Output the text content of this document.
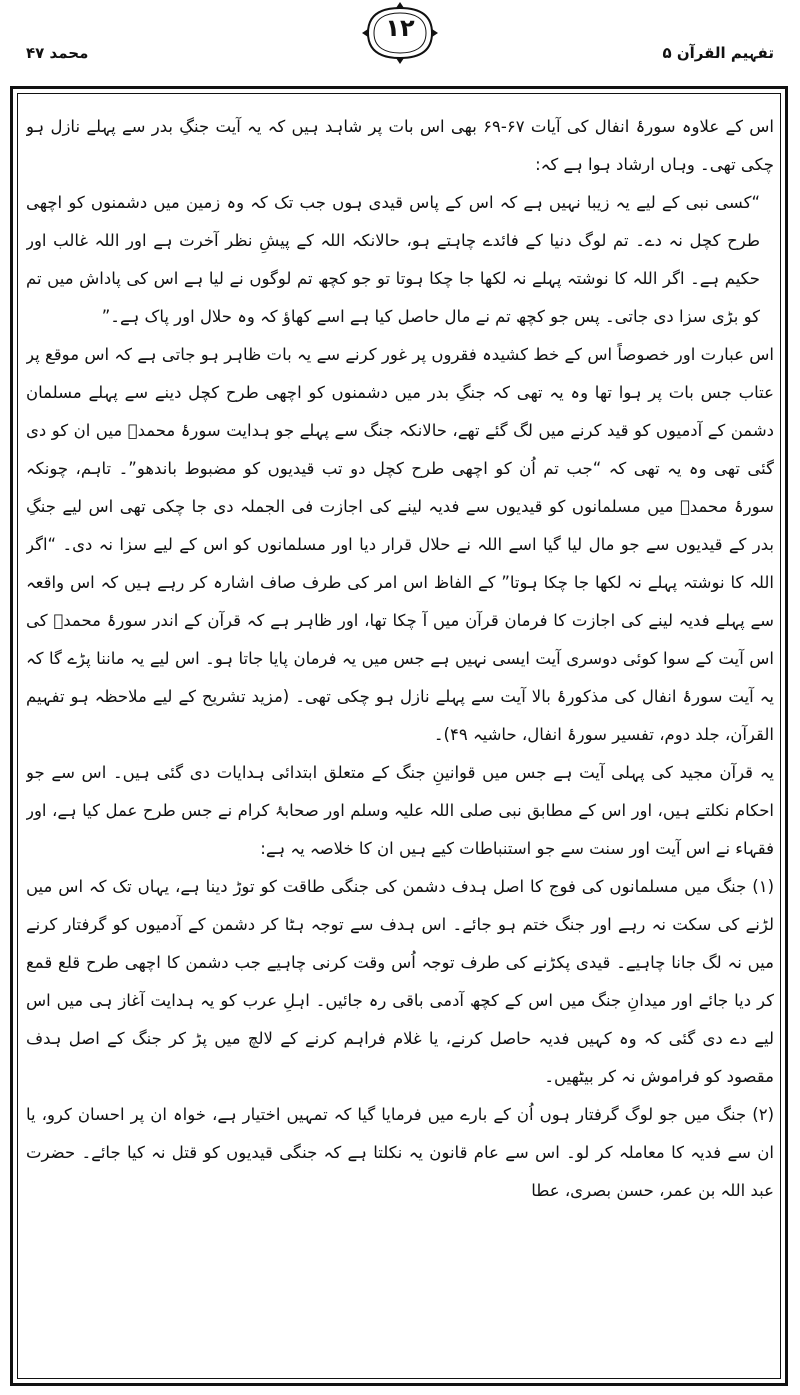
تفہیم القرآن ۵
۱۲
محمد ۴۷

اس کے علاوہ سورۂ انفال کی آیات ۶۷-۶۹ بھی اس بات پر شاہد ہیں کہ یہ آیت جنگِ بدر سے پہلے نازل ہو چکی تھی۔ وہاں ارشاد ہوا ہے کہ:

“کسی نبی کے لیے یہ زیبا نہیں ہے کہ اس کے پاس قیدی ہوں جب تک کہ وہ زمین میں دشمنوں کو اچھی طرح کچل نہ دے۔ تم لوگ دنیا کے فائدے چاہتے ہو، حالانکہ اللہ کے پیشِ نظر آخرت ہے اور اللہ غالب اور حکیم ہے۔ اگر اللہ کا نوشتہ پہلے نہ لکھا جا چکا ہوتا تو جو کچھ تم لوگوں نے لیا ہے اس کی پاداش میں تم کو بڑی سزا دی جاتی۔ پس جو کچھ تم نے مال حاصل کیا ہے اسے کھاؤ کہ وہ حلال اور پاک ہے۔”

اس عبارت اور خصوصاً اس کے خط کشیدہ فقروں پر غور کرنے سے یہ بات ظاہر ہو جاتی ہے کہ اس موقع پر عتاب جس بات پر ہوا تھا وہ یہ تھی کہ جنگِ بدر میں دشمنوں کو اچھی طرح کچل دینے سے پہلے مسلمان دشمن کے آدمیوں کو قید کرنے میں لگ گئے تھے، حالانکہ جنگ سے پہلے جو ہدایت سورۂ محمدؐ میں ان کو دی گئی تھی وہ یہ تھی کہ “جب تم اُن کو اچھی طرح کچل دو تب قیدیوں کو مضبوط باندھو”۔ تاہم، چونکہ سورۂ محمدؐ میں مسلمانوں کو قیدیوں سے فدیہ لینے کی اجازت فی الجملہ دی جا چکی تھی اس لیے جنگِ بدر کے قیدیوں سے جو مال لیا گیا اسے اللہ نے حلال قرار دیا اور مسلمانوں کو اس کے لیے سزا نہ دی۔ “اگر اللہ کا نوشتہ پہلے نہ لکھا جا چکا ہوتا” کے الفاظ اس امر کی طرف صاف اشارہ کر رہے ہیں کہ اس واقعہ سے پہلے فدیہ لینے کی اجازت کا فرمان قرآن میں آ چکا تھا، اور ظاہر ہے کہ قرآن کے اندر سورۂ محمدؐ کی اس آیت کے سوا کوئی دوسری آیت ایسی نہیں ہے جس میں یہ فرمان پایا جاتا ہو۔ اس لیے یہ ماننا پڑے گا کہ یہ آیت سورۂ انفال کی مذکورۂ بالا آیت سے پہلے نازل ہو چکی تھی۔ (مزید تشریح کے لیے ملاحظہ ہو تفہیم القرآن، جلد دوم، تفسیر سورۂ انفال، حاشیہ ۴۹)۔

یہ قرآن مجید کی پہلی آیت ہے جس میں قوانینِ جنگ کے متعلق ابتدائی ہدایات دی گئی ہیں۔ اس سے جو احکام نکلتے ہیں، اور اس کے مطابق نبی صلی اللہ علیہ وسلم اور صحابۂ کرام نے جس طرح عمل کیا ہے، اور فقہاء نے اس آیت اور سنت سے جو استنباطات کیے ہیں ان کا خلاصہ یہ ہے:

(۱) جنگ میں مسلمانوں کی فوج کا اصل ہدف دشمن کی جنگی طاقت کو توڑ دینا ہے، یہاں تک کہ اس میں لڑنے کی سکت نہ رہے اور جنگ ختم ہو جائے۔ اس ہدف سے توجہ ہٹا کر دشمن کے آدمیوں کو گرفتار کرنے میں نہ لگ جانا چاہیے۔ قیدی پکڑنے کی طرف توجہ اُس وقت کرنی چاہیے جب دشمن کا اچھی طرح قلع قمع کر دیا جائے اور میدانِ جنگ میں اس کے کچھ آدمی باقی رہ جائیں۔ اہلِ عرب کو یہ ہدایت آغاز ہی میں اس لیے دے دی گئی کہ وہ کہیں فدیہ حاصل کرنے، یا غلام فراہم کرنے کے لالچ میں پڑ کر جنگ کے اصل ہدف مقصود کو فراموش نہ کر بیٹھیں۔

(۲) جنگ میں جو لوگ گرفتار ہوں اُن کے بارے میں فرمایا گیا کہ تمہیں اختیار ہے، خواہ ان پر احسان کرو، یا ان سے فدیہ کا معاملہ کر لو۔ اس سے عام قانون یہ نکلتا ہے کہ جنگی قیدیوں کو قتل نہ کیا جائے۔ حضرت عبد اللہ بن عمر، حسن بصری، عطا
